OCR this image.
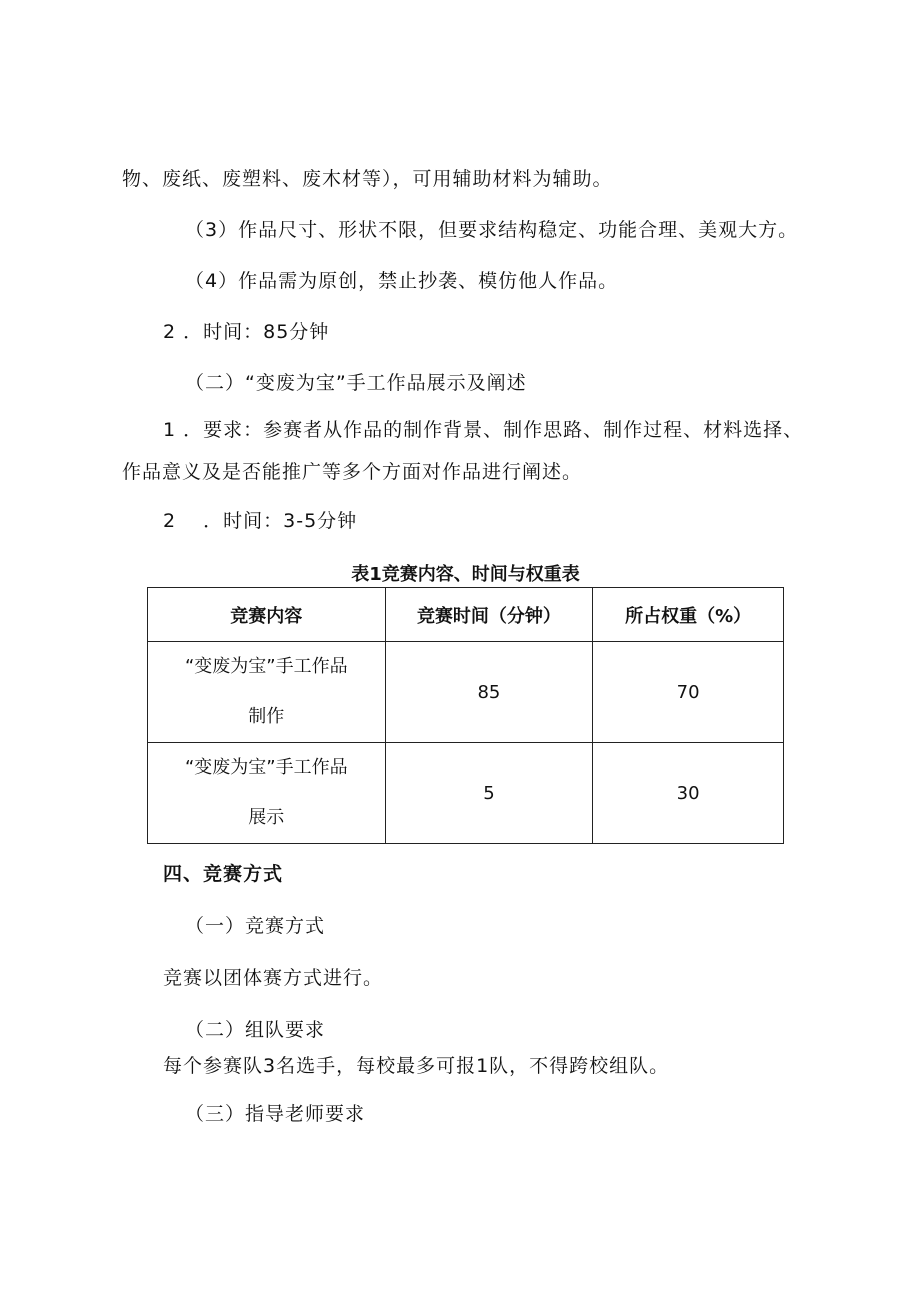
物、废纸、废塑料、废木材等），可用辅助材料为辅助。
（3）作品尺寸、形状不限，但要求结构稳定、功能合理、美观大方。
（4）作品需为原创，禁止抄袭、模仿他人作品。
2 ．时间：85分钟
（二）“变废为宝”手工作品展示及阐述
1 ．要求：参赛者从作品的制作背景、制作思路、制作过程、材料选择、
作品意义及是否能推广等多个方面对作品进行阐述。
2　 ．时间：3-5分钟
表1竞赛内容、时间与权重表
竞赛内容	竞赛时间（分钟）	所占权重（%）

“变废为宝”手工作品
制作	85	70

“变废为宝”手工作品
展示	5	30
四、竞赛方式
（一）竞赛方式
竞赛以团体赛方式进行。
（二）组队要求
每个参赛队3名选手，每校最多可报1队，不得跨校组队。
（三）指导老师要求
